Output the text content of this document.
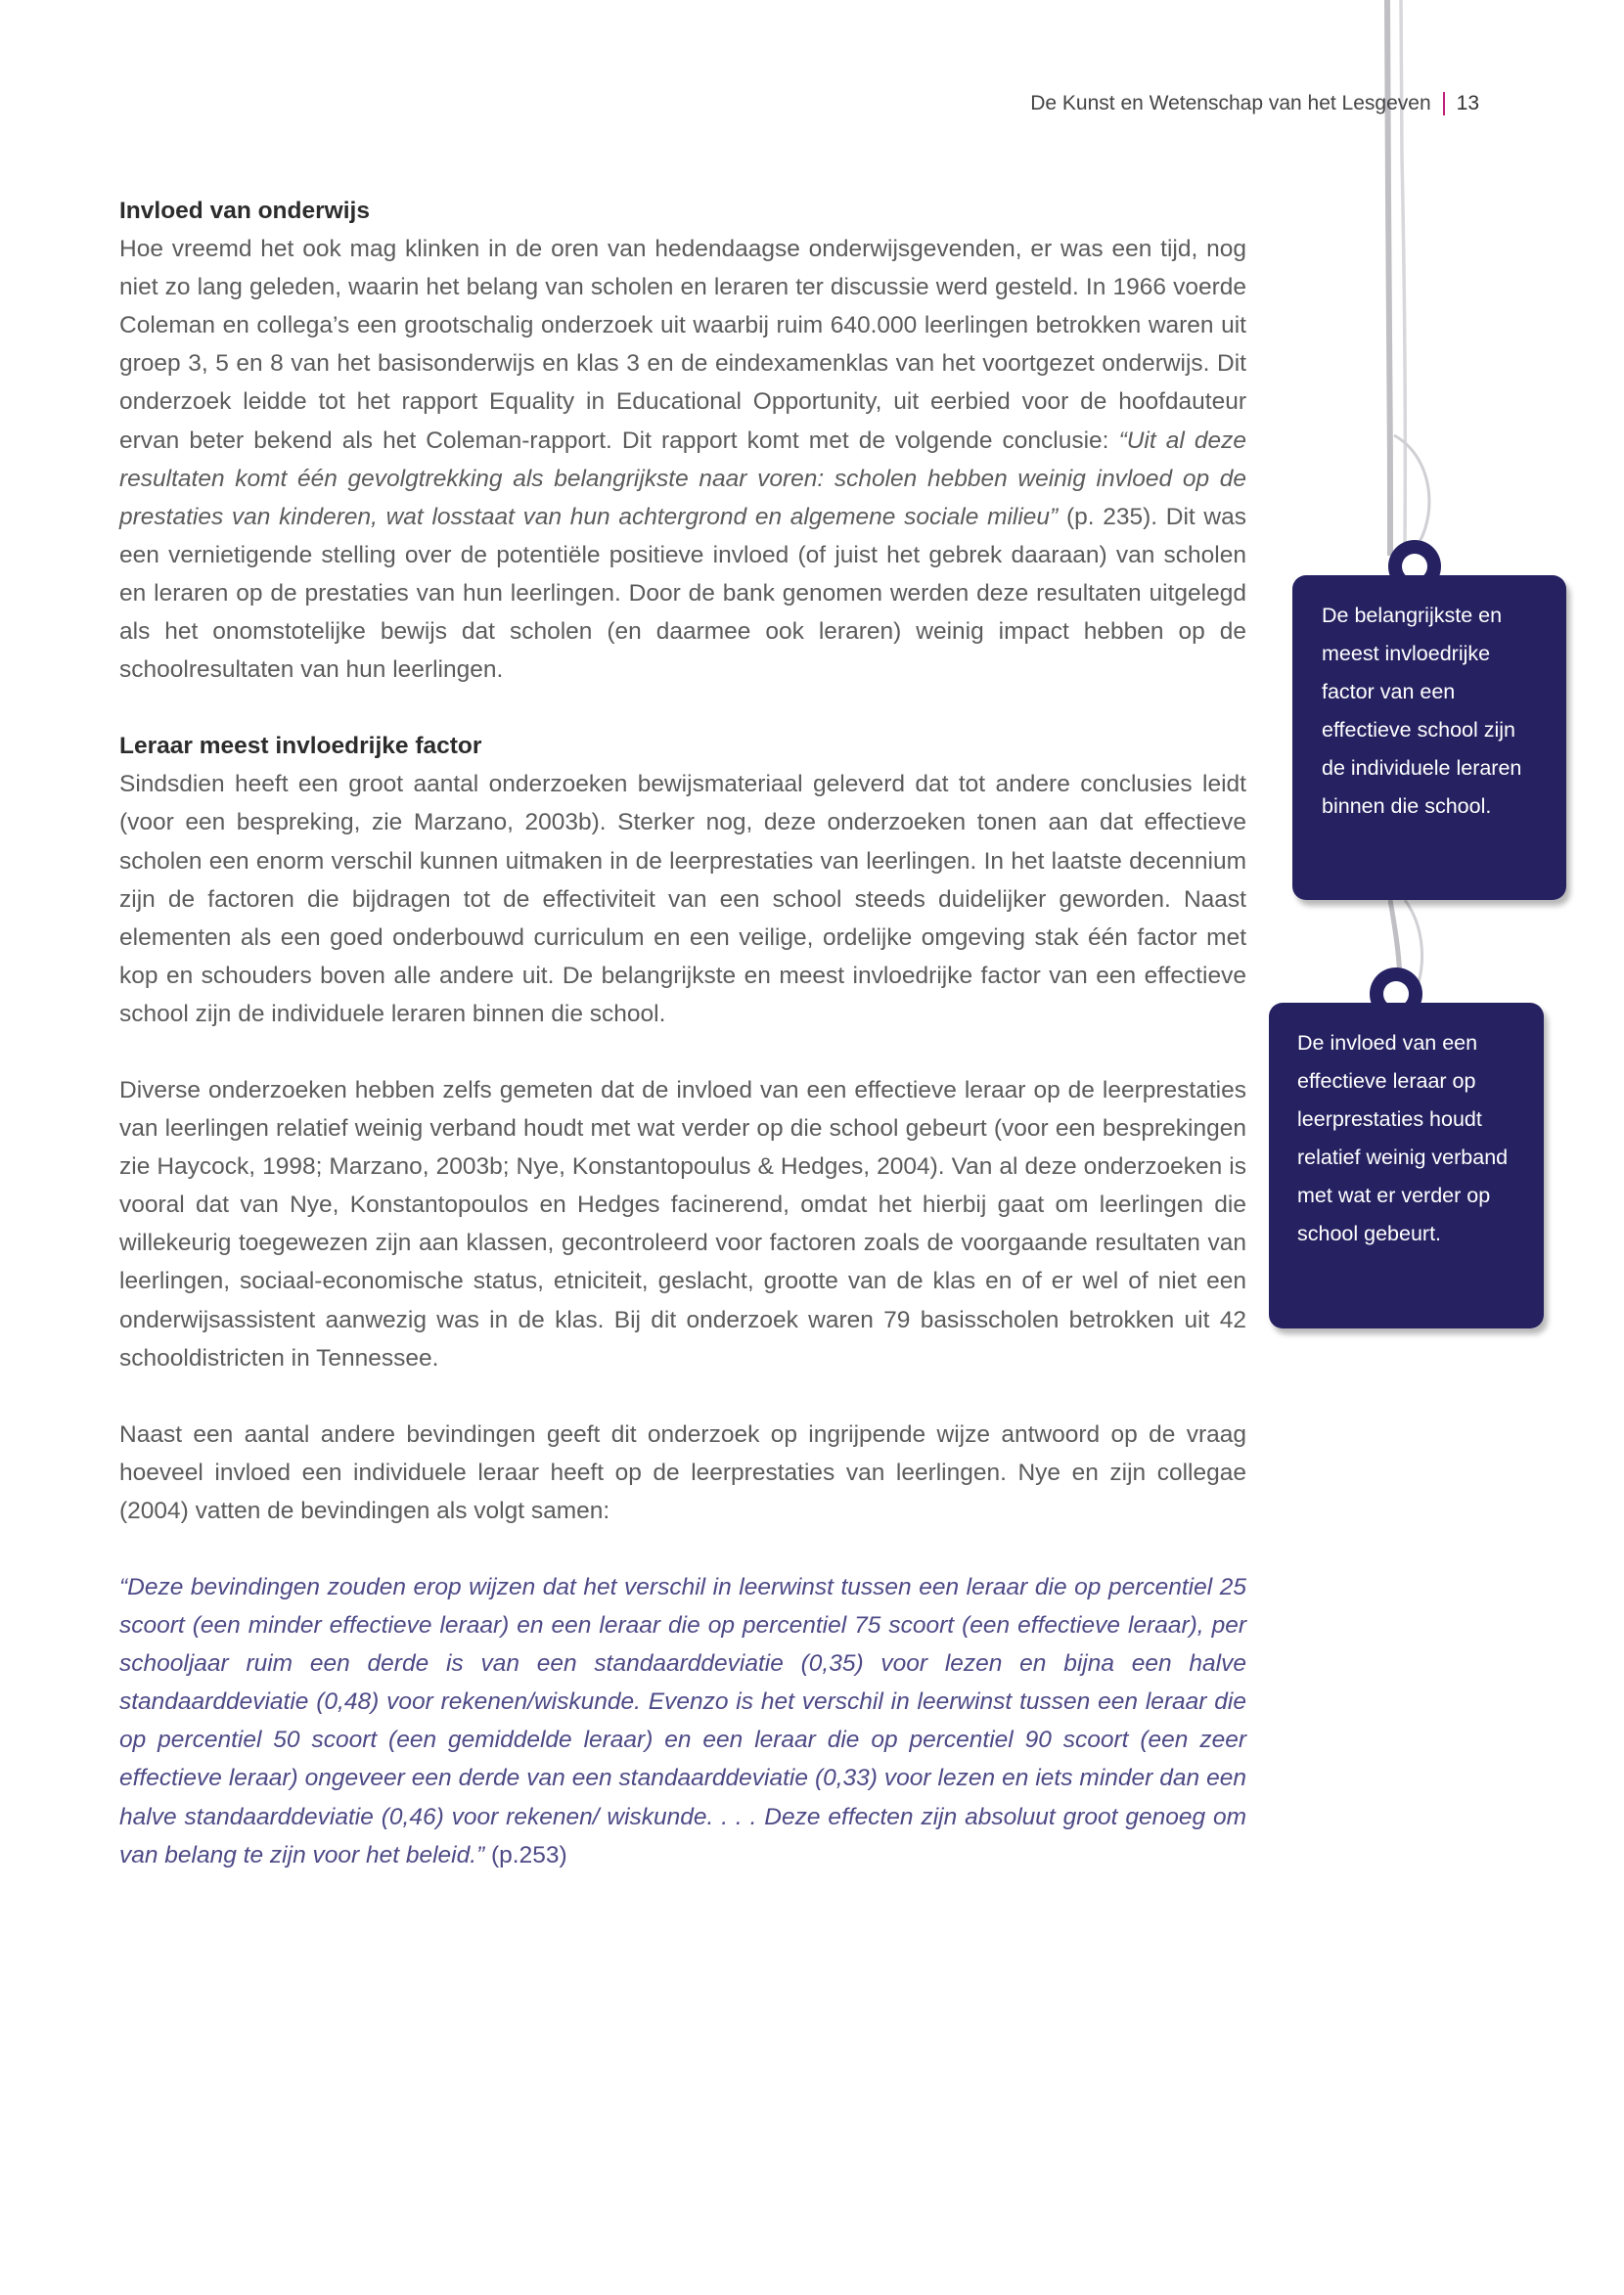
De Kunst en Wetenschap van het Lesgeven 13
Invloed van onderwijs

Hoe vreemd het ook mag klinken in de oren van hedendaagse onderwijsgevenden, er was een tijd, nog niet zo lang geleden, waarin het belang van scholen en leraren ter discussie werd gesteld. In 1966 voerde Coleman en collega’s een grootschalig onderzoek uit waarbij ruim 640.000 leerlingen betrokken waren uit groep 3, 5 en 8 van het basisonderwijs en klas 3 en de eindexamenklas van het voortgezet onderwijs. Dit onderzoek leidde tot het rapport Equality in Educational Opportunity, uit eerbied voor de hoofdauteur ervan beter bekend als het Coleman-rapport. Dit rapport komt met de volgende conclusie: “Uit al deze resultaten komt één gevolgtrekking als belangrijkste naar voren: scholen hebben weinig invloed op de prestaties van kinderen, wat losstaat van hun achtergrond en algemene sociale milieu” (p. 235). Dit was een vernietigende stelling over de potentiële positieve invloed (of juist het gebrek daaraan) van scholen en leraren op de prestaties van hun leerlingen. Door de bank genomen werden deze resultaten uitgelegd als het onomstotelijke bewijs dat scholen (en daarmee ook leraren) weinig impact hebben op de schoolresultaten van hun leerlingen.

Leraar meest invloedrijke factor

Sindsdien heeft een groot aantal onderzoeken bewijsmateriaal geleverd dat tot andere conclusies leidt (voor een bespreking, zie Marzano, 2003b). Sterker nog, deze onderzoeken tonen aan dat effectieve scholen een enorm verschil kunnen uitmaken in de leerprestaties van leerlingen. In het laatste decennium zijn de factoren die bijdragen tot de effectiviteit van een school steeds duidelijker geworden. Naast elementen als een goed onderbouwd curriculum en een veilige, ordelijke omgeving stak één factor met kop en schouders boven alle andere uit. De belangrijkste en meest invloedrijke factor van een effectieve school zijn de individuele leraren binnen die school.

Diverse onderzoeken hebben zelfs gemeten dat de invloed van een effectieve leraar op de leerprestaties van leerlingen relatief weinig verband houdt met wat verder op die school gebeurt (voor een besprekingen zie Haycock, 1998; Marzano, 2003b; Nye, Konstantopoulus & Hedges, 2004). Van al deze onderzoeken is vooral dat van Nye, Konstantopoulos en Hedges facinerend, omdat het hierbij gaat om leerlingen die willekeurig toegewezen zijn aan klassen, gecontroleerd voor factoren zoals de voorgaande resultaten van leerlingen, sociaal-economische status, etniciteit, geslacht, grootte van de klas en of er wel of niet een onderwijsassistent aanwezig was in de klas. Bij dit onderzoek waren 79 basisscholen betrokken uit 42 schooldistricten in Tennessee.

Naast een aantal andere bevindingen geeft dit onderzoek op ingrijpende wijze antwoord op de vraag hoeveel invloed een individuele leraar heeft op de leerprestaties van leerlingen. Nye en zijn collegae (2004) vatten de bevindingen als volgt samen:

“Deze bevindingen zouden erop wijzen dat het verschil in leerwinst tussen een leraar die op percentiel 25 scoort (een minder effectieve leraar) en een leraar die op percentiel 75 scoort (een effectieve leraar), per schooljaar ruim een derde is van een standaarddeviatie (0,35) voor lezen en bijna een halve standaarddeviatie (0,48) voor rekenen/wiskunde. Evenzo is het verschil in leerwinst tussen een leraar die op percentiel 50 scoort (een gemiddelde leraar) en een leraar die op percentiel 90 scoort (een zeer effectieve leraar) ongeveer een derde van een standaarddeviatie (0,33) voor lezen en iets minder dan een halve standaarddeviatie (0,46) voor rekenen/ wiskunde. . . . Deze effecten zijn absoluut groot genoeg om van belang te zijn voor het beleid.” (p.253)

De belangrijkste en
meest invloedrijke
factor van een
effectieve school zijn
de individuele leraren
binnen die school.
De invloed van een
effectieve leraar op
leerprestaties houdt
relatief weinig verband
met wat er verder op
school gebeurt.
